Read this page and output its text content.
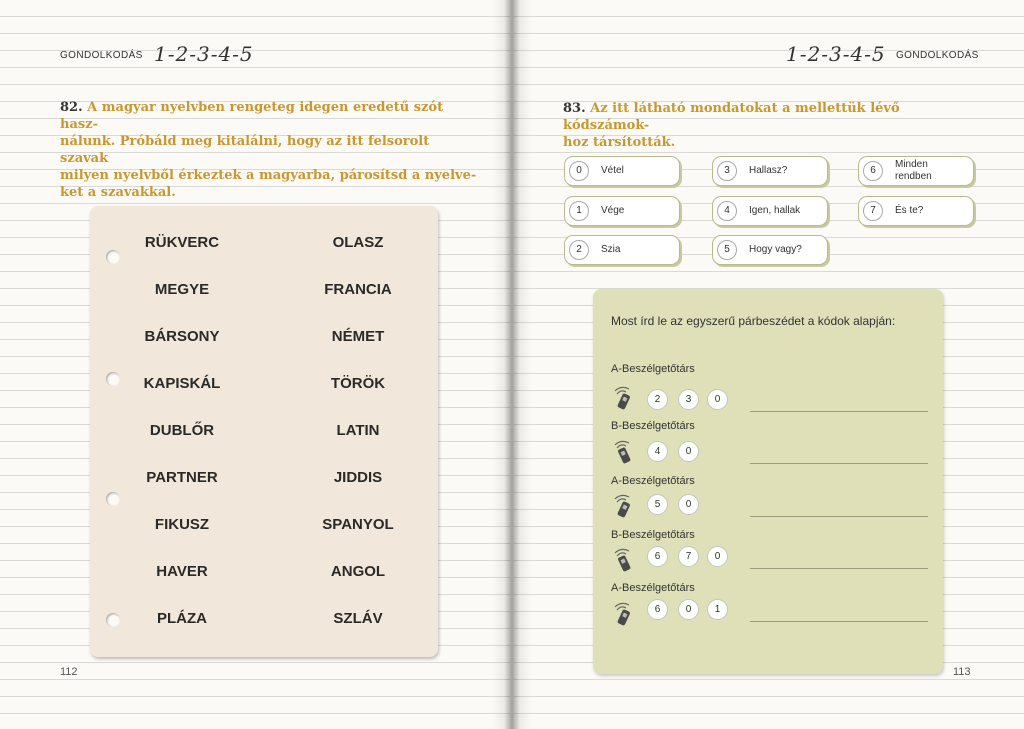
GONDOLKODÁS 1-2-3-4-5
82. A magyar nyelvben rengeteg idegen eredetű szót hasz-
nálunk. Próbáld meg kitalálni, hogy az itt felsorolt szavak
milyen nyelvből érkeztek a magyarba, párosítsd a nyelve-
ket a szavakkal.
RÜKVERC
MEGYE
BÁRSONY
KAPISKÁL
DUBLŐR
PARTNER
FIKUSZ
HAVER
PLÁZA
OLASZ
FRANCIA
NÉMET
TÖRÖK
LATIN
JIDDIS
SPANYOL
ANGOL
SZLÁV
112
1-2-3-4-5 GONDOLKODÁS
83. Az itt látható mondatokat a mellettük lévő kódszámok-
hoz társították.
0	Vétel
1	Vége
2	Szia
3	Hallasz?
4	Igen, hallak
5	Hogy vagy?
6
Minden
rendben
7	És te?
Most írd le az egyszerű párbeszédet a kódok alapján:
A-Beszélgetőtárs
2	3	0
B-Beszélgetőtárs
4	0
A-Beszélgetőtárs
5	0
B-Beszélgetőtárs
6	7	0
A-Beszélgetőtárs
6	0	1
113
